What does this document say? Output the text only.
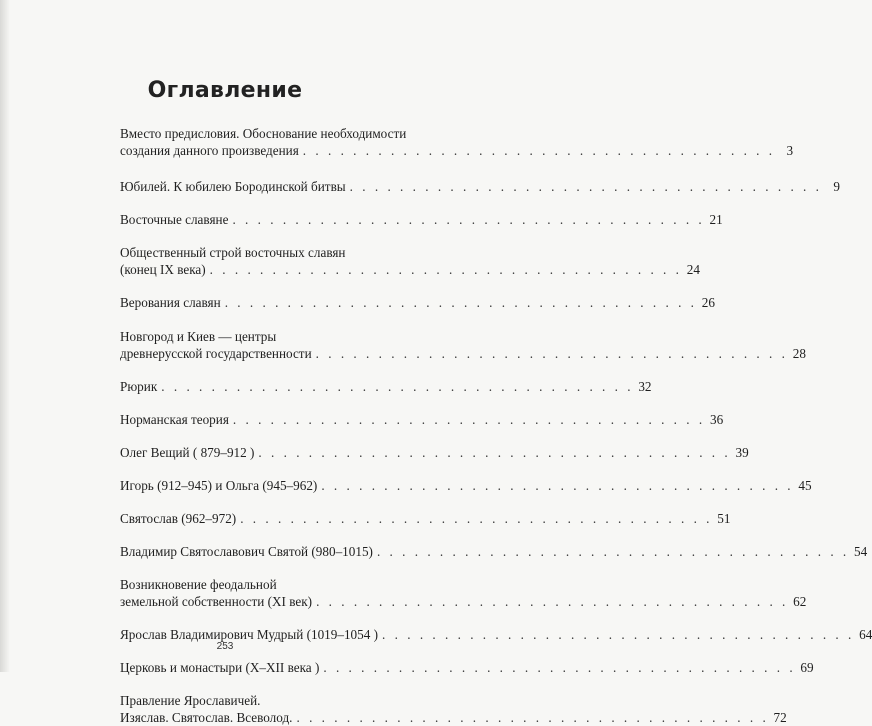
Оглавление
Вместо предисловия. Обоснование необходимости
создания данного произведения . . . . . . . . . . . . . . . . . . . . . . . . . . . . . . . . . . . . . . 3
Юбилей. К юбилею Бородинской битвы . . . . . . . . . . . . . . . . . . . . . . . . . . . . . . . . . . . . . . 9
Восточные славяне . . . . . . . . . . . . . . . . . . . . . . . . . . . . . . . . . . . . . . 21
Общественный строй восточных славян
(конец IX века) . . . . . . . . . . . . . . . . . . . . . . . . . . . . . . . . . . . . . . 24
Верования славян . . . . . . . . . . . . . . . . . . . . . . . . . . . . . . . . . . . . . . 26
Новгород и Киев — центры
древнерусской государственности . . . . . . . . . . . . . . . . . . . . . . . . . . . . . . . . . . . . . . 28
Рюрик . . . . . . . . . . . . . . . . . . . . . . . . . . . . . . . . . . . . . . 32
Норманская теория . . . . . . . . . . . . . . . . . . . . . . . . . . . . . . . . . . . . . . 36
Олег Вещий ( 879–912 ) . . . . . . . . . . . . . . . . . . . . . . . . . . . . . . . . . . . . . . 39
Игорь (912–945) и Ольга (945–962) . . . . . . . . . . . . . . . . . . . . . . . . . . . . . . . . . . . . . . 45
Святослав (962–972) . . . . . . . . . . . . . . . . . . . . . . . . . . . . . . . . . . . . . . 51
Владимир Святославович Святой (980–1015) . . . . . . . . . . . . . . . . . . . . . . . . . . . . . . . . . . . . . . 54
Возникновение феодальной
земельной собственности (XI век) . . . . . . . . . . . . . . . . . . . . . . . . . . . . . . . . . . . . . . 62
Ярослав Владимирович Мудрый (1019–1054 ) . . . . . . . . . . . . . . . . . . . . . . . . . . . . . . . . . . . . . . 64
Церковь и монастыри (X–XII века ) . . . . . . . . . . . . . . . . . . . . . . . . . . . . . . . . . . . . . . 69
Правление Ярославичей.
Изяслав. Святослав. Всеволод. . . . . . . . . . . . . . . . . . . . . . . . . . . . . . . . . . . . . . . 72
253
